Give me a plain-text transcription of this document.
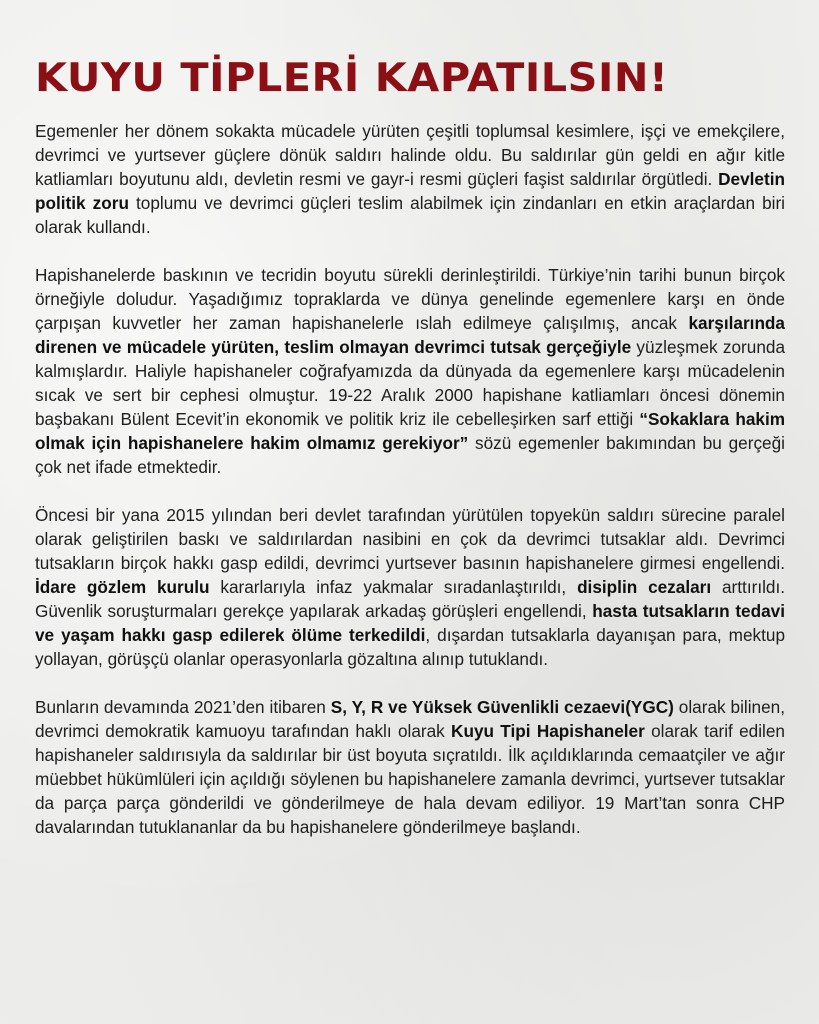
KUYU TİPLERİ KAPATILSIN!

Egemenler her dönem sokakta mücadele yürüten çeşitli toplumsal kesimlere, işçi ve emekçilere, devrimci ve yurtsever güçlere dönük saldırı halinde oldu. Bu saldırılar gün geldi en ağır kitle katliamları boyutunu aldı, devletin resmi ve gayr-i resmi güçleri faşist saldırılar örgütledi. Devletin politik zoru toplumu ve devrimci güçleri teslim alabilmek için zindanları en etkin araçlardan biri olarak kullandı.

Hapishanelerde baskının ve tecridin boyutu sürekli derinleştirildi. Türkiye’nin tarihi bunun birçok örneğiyle doludur. Yaşadığımız topraklarda ve dünya genelinde egemenlere karşı en önde çarpışan kuvvetler her zaman hapishanelerle ıslah edilmeye çalışılmış, ancak karşılarında direnen ve mücadele yürüten, teslim olmayan devrimci tutsak gerçeğiyle yüzleşmek zorunda kalmışlardır. Haliyle hapishaneler coğrafyamızda da dünyada da egemenlere karşı mücadelenin sıcak ve sert bir cephesi olmuştur. 19-22 Aralık 2000 hapishane katliamları öncesi dönemin başbakanı Bülent Ecevit’in ekonomik ve politik kriz ile cebelleşirken sarf ettiği “Sokaklara hakim olmak için hapishanelere hakim olmamız gerekiyor” sözü egemenler bakımından bu gerçeği çok net ifade etmektedir.

Öncesi bir yana 2015 yılından beri devlet tarafından yürütülen topyekün saldırı sürecine paralel olarak geliştirilen baskı ve saldırılardan nasibini en çok da devrimci tutsaklar aldı. Devrimci tutsakların birçok hakkı gasp edildi, devrimci yurtsever basının hapishanelere girmesi engellendi. İdare gözlem kurulu kararlarıyla infaz yakmalar sıradanlaştırıldı, disiplin cezaları arttırıldı. Güvenlik soruşturmaları gerekçe yapılarak arkadaş görüşleri engellendi, hasta tutsakların tedavi ve yaşam hakkı gasp edilerek ölüme terkedildi, dışardan tutsaklarla dayanışan para, mektup yollayan, görüşçü olanlar operasyonlarla gözaltına alınıp tutuklandı.

Bunların devamında 2021’den itibaren S, Y, R ve Yüksek Güvenlikli cezaevi(YGC) olarak bilinen, devrimci demokratik kamuoyu tarafından haklı olarak Kuyu Tipi Hapishaneler olarak tarif edilen hapishaneler saldırısıyla da saldırılar bir üst boyuta sıçratıldı. İlk açıldıklarında cemaatçiler ve ağır müebbet hükümlüleri için açıldığı söylenen bu hapishanelere zamanla devrimci, yurtsever tutsaklar da parça parça gönderildi ve gönderilmeye de hala devam ediliyor. 19 Mart’tan sonra CHP davalarından tutuklananlar da bu hapishanelere gönderilmeye başlandı.
